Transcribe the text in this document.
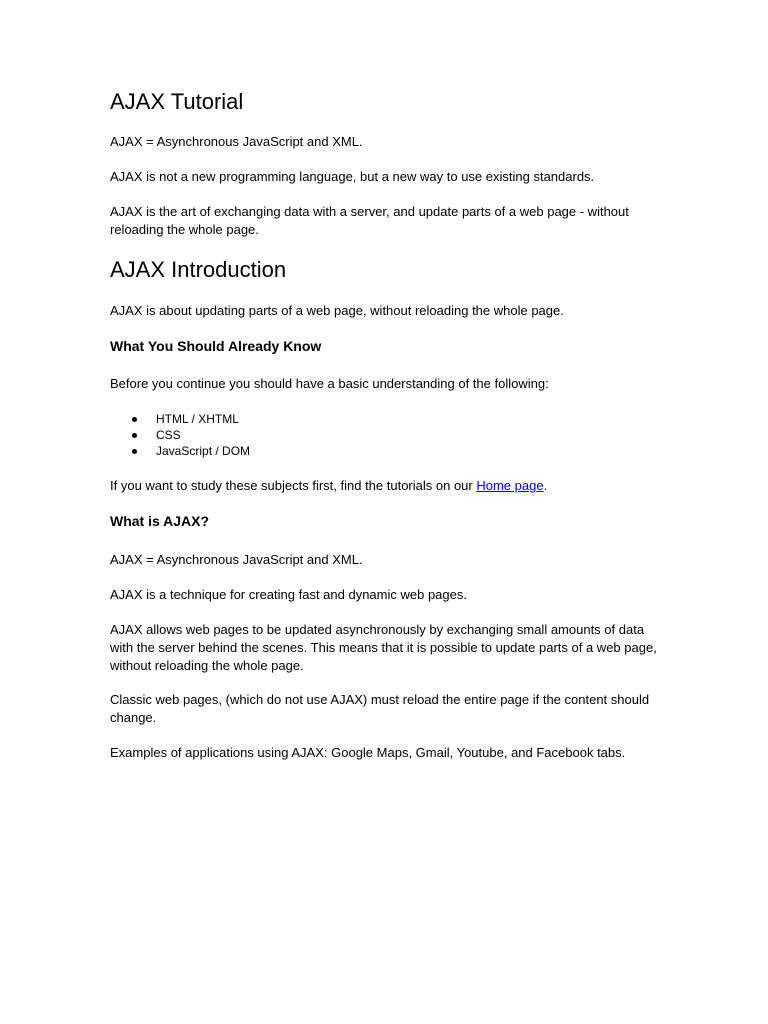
AJAX Tutorial

AJAX = Asynchronous JavaScript and XML.

AJAX is not a new programming language, but a new way to use existing standards.

AJAX is the art of exchanging data with a server, and update parts of a web page - without reloading the whole page.

AJAX Introduction

AJAX is about updating parts of a web page, without reloading the whole page.

What You Should Already Know

Before you continue you should have a basic understanding of the following:

HTML / XHTML
CSS
JavaScript / DOM

If you want to study these subjects first, find the tutorials on our Home page.

What is AJAX?

AJAX = Asynchronous JavaScript and XML.

AJAX is a technique for creating fast and dynamic web pages.

AJAX allows web pages to be updated asynchronously by exchanging small amounts of data with the server behind the scenes. This means that it is possible to update parts of a web page, without reloading the whole page.

Classic web pages, (which do not use AJAX) must reload the entire page if the content should change.

Examples of applications using AJAX: Google Maps, Gmail, Youtube, and Facebook tabs.
